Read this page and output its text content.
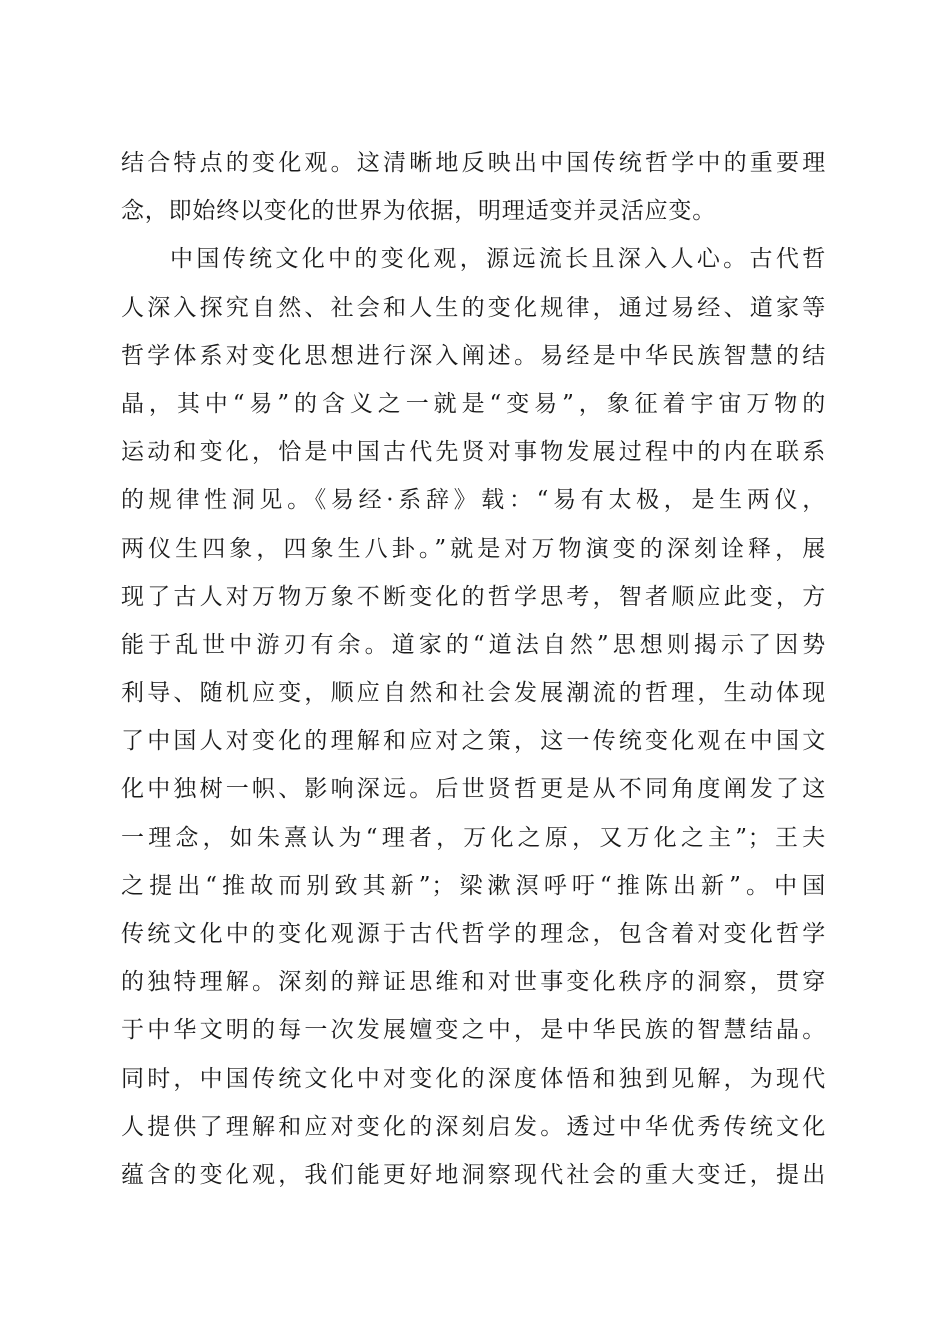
结合特点的变化观。这清晰地反映出中国传统哲学中的重要理
念，即始终以变化的世界为依据，明理适变并灵活应变。
中国传统文化中的变化观，源远流长且深入人心。古代哲
人深入探究自然、社会和人生的变化规律，通过易经、道家等
哲学体系对变化思想进行深入阐述。易经是中华民族智慧的结
晶，其中“易”的含义之一就是“变易”，象征着宇宙万物的
运动和变化，恰是中国古代先贤对事物发展过程中的内在联系
的规律性洞见。《易经·系辞》载：“易有太极，是生两仪，
两仪生四象，四象生八卦。”就是对万物演变的深刻诠释，展
现了古人对万物万象不断变化的哲学思考，智者顺应此变，方
能于乱世中游刃有余。道家的“道法自然”思想则揭示了因势
利导、随机应变，顺应自然和社会发展潮流的哲理，生动体现
了中国人对变化的理解和应对之策，这一传统变化观在中国文
化中独树一帜、影响深远。后世贤哲更是从不同角度阐发了这
一理念，如朱熹认为“理者，万化之原，又万化之主”；王夫
之提出“推故而别致其新”；梁漱溟呼吁“推陈出新”。中国
传统文化中的变化观源于古代哲学的理念，包含着对变化哲学
的独特理解。深刻的辩证思维和对世事变化秩序的洞察，贯穿
于中华文明的每一次发展嬗变之中，是中华民族的智慧结晶。
同时，中国传统文化中对变化的深度体悟和独到见解，为现代
人提供了理解和应对变化的深刻启发。透过中华优秀传统文化
蕴含的变化观，我们能更好地洞察现代社会的重大变迁，提出
